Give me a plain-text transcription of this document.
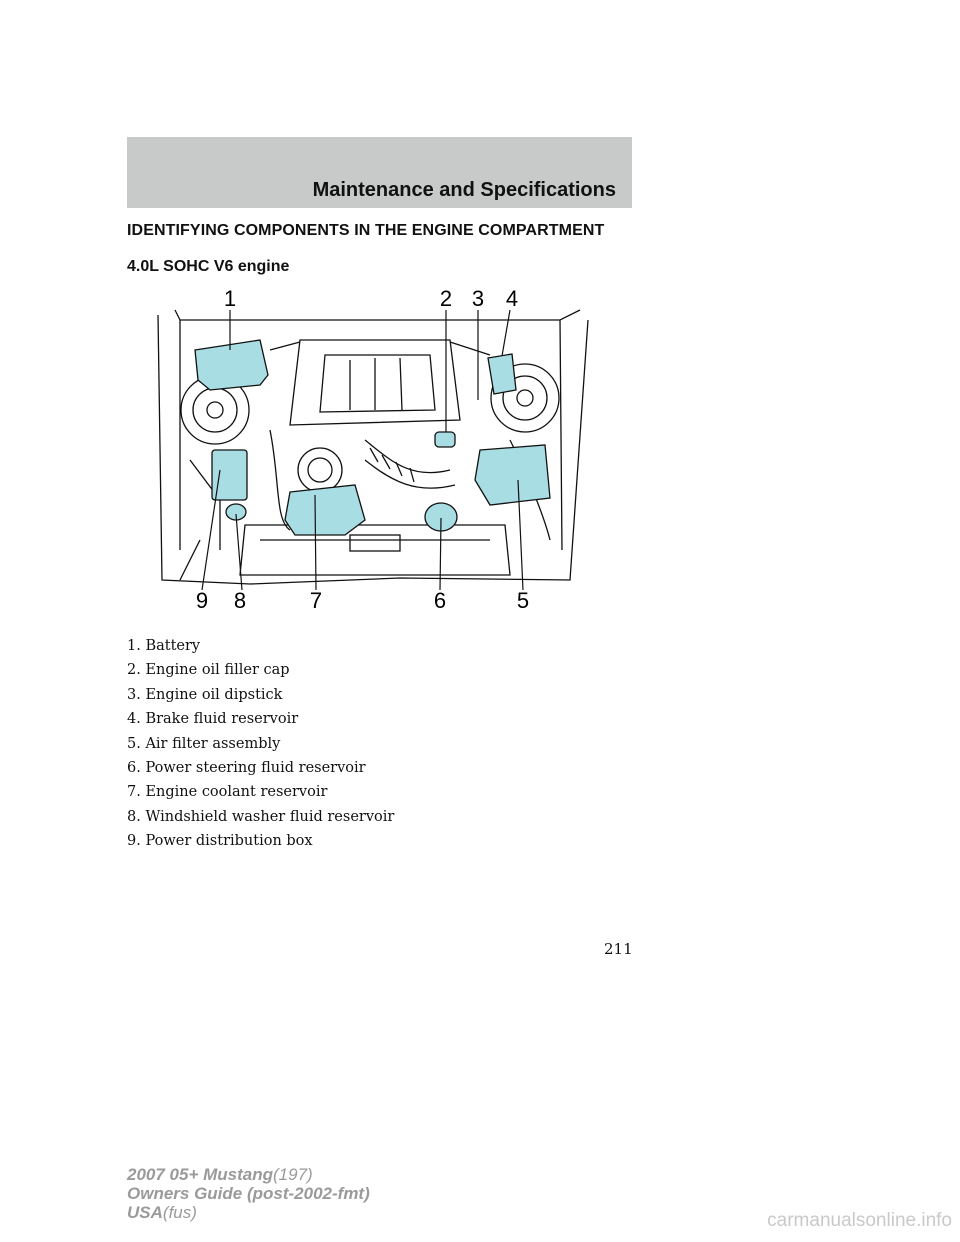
Maintenance and Specifications
IDENTIFYING COMPONENTS IN THE ENGINE COMPARTMENT
4.0L SOHC V6 engine
1	2 3 4
5
6
7
8
9
1. Battery
2. Engine oil filler cap
3. Engine oil dipstick
4. Brake fluid reservoir
5. Air filter assembly
6. Power steering fluid reservoir
7. Engine coolant reservoir
8. Windshield washer fluid reservoir
9. Power distribution box
211
2007 05+ Mustang(197)
Owners Guide (post-2002-fmt)
USA(fus)	carmanualsonline.info
